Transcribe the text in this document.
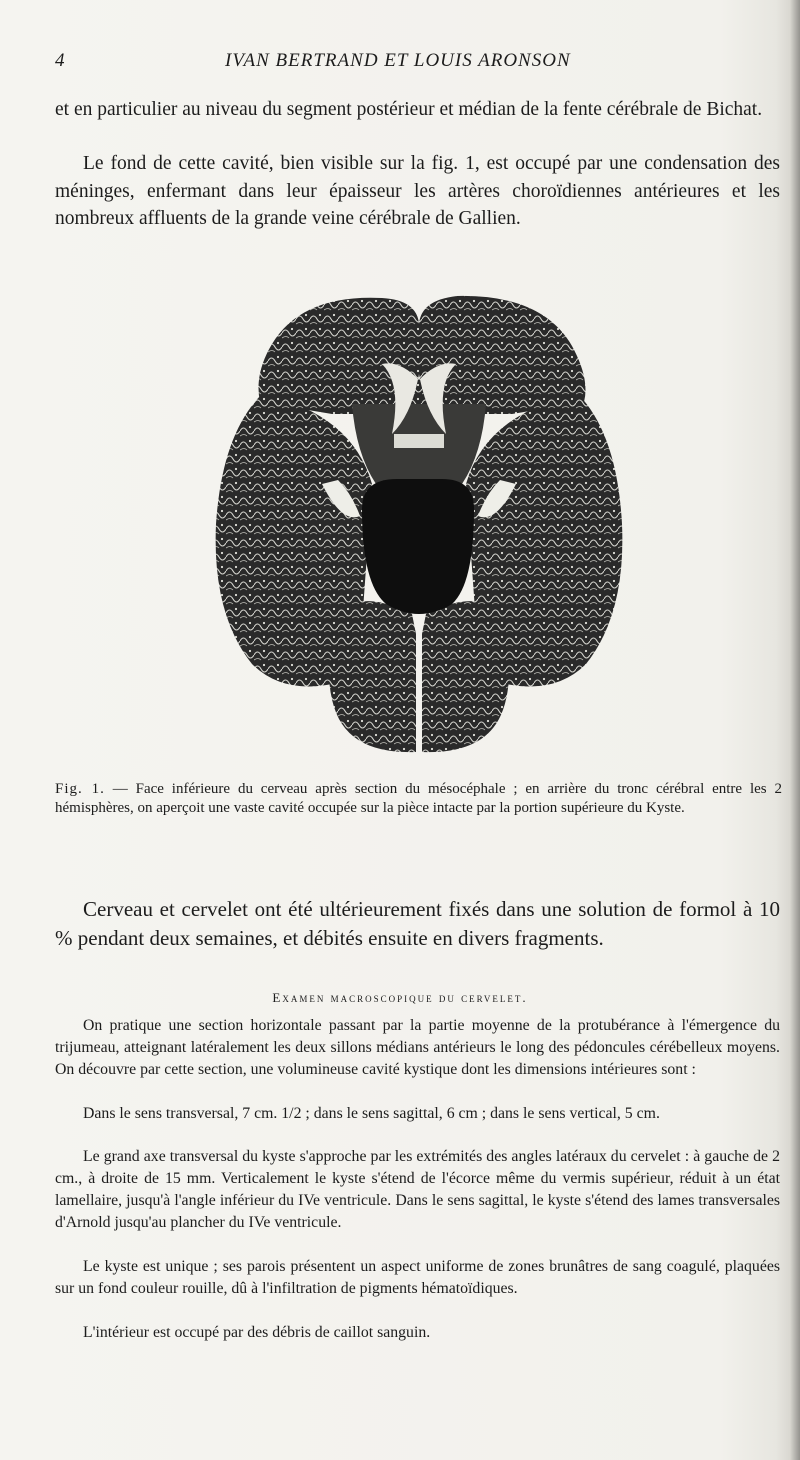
4	IVAN BERTRAND ET LOUIS ARONSON

et en particulier au niveau du segment postérieur et médian de la fente cérébrale de Bichat.

Le fond de cette cavité, bien visible sur la fig. 1, est occupé par une condensation des méninges, enfermant dans leur épaisseur les artères choroïdiennes antérieures et les nombreux affluents de la grande veine cérébrale de Gallien.

Fig. 1. — Face inférieure du cerveau après section du mésocéphale ; en arrière du tronc cérébral entre les 2 hémisphères, on aperçoit une vaste cavité occupée sur la pièce intacte par la portion supérieure du Kyste.

Cerveau et cervelet ont été ultérieurement fixés dans une solution de formol à 10 % pendant deux semaines, et débités ensuite en divers fragments.

Examen macroscopique du cervelet.

On pratique une section horizontale passant par la partie moyenne de la protubérance à l'émergence du trijumeau, atteignant latéralement les deux sillons médians antérieurs le long des pédoncules cérébelleux moyens. On découvre par cette section, une volumineuse cavité kystique dont les dimensions intérieures sont :

Dans le sens transversal, 7 cm. 1/2 ; dans le sens sagittal, 6 cm ; dans le sens vertical, 5 cm.

Le grand axe transversal du kyste s'approche par les extrémités des angles latéraux du cervelet : à gauche de 2 cm., à droite de 15 mm. Verticalement le kyste s'étend de l'écorce même du vermis supérieur, réduit à un état lamellaire, jusqu'à l'angle inférieur du IVe ventricule. Dans le sens sagittal, le kyste s'étend des lames transversales d'Arnold jusqu'au plancher du IVe ventricule.

Le kyste est unique ; ses parois présentent un aspect uniforme de zones brunâtres de sang coagulé, plaquées sur un fond couleur rouille, dû à l'infiltration de pigments hématoïdiques.

L'intérieur est occupé par des débris de caillot sanguin.
